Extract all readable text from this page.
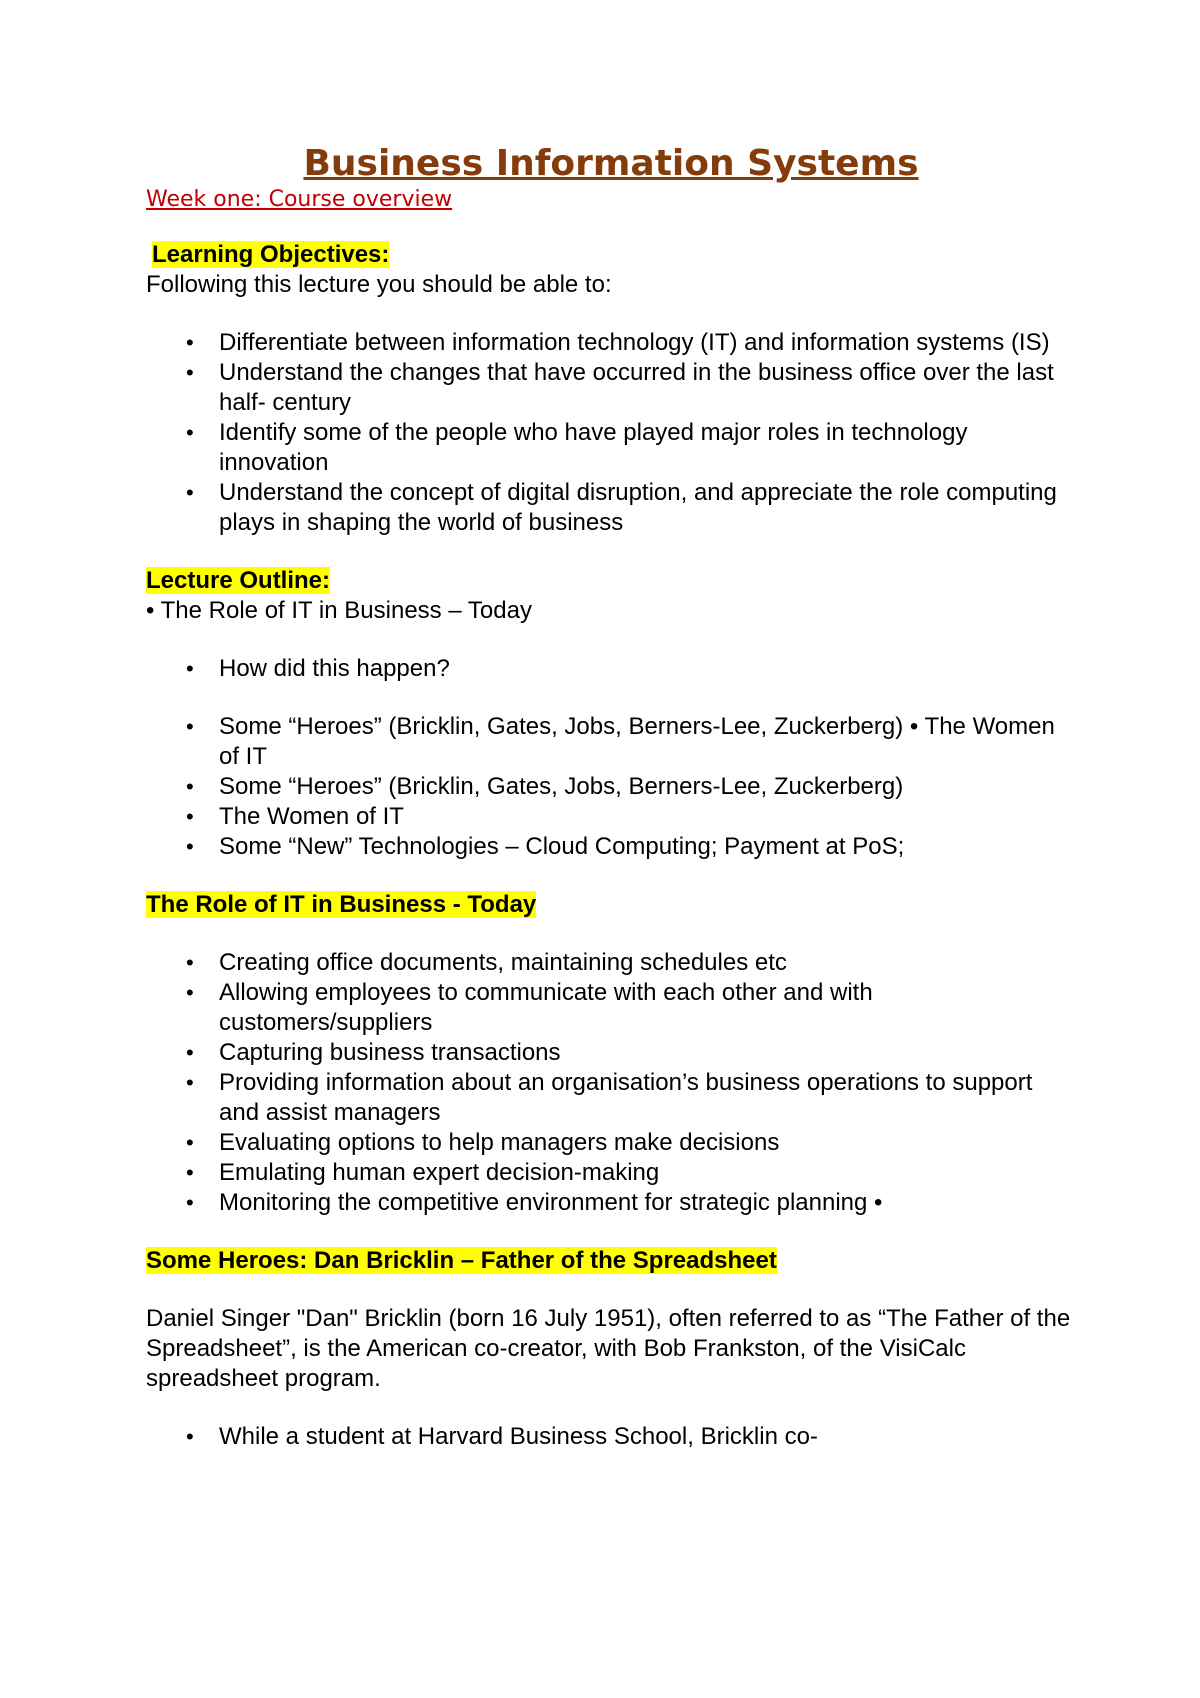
Business Information Systems

Week one: Course overview

Learning Objectives:

Following this lecture you should be able to:

• Differentiate between information technology (IT) and information systems (IS)
• Understand the changes that have occurred in the business office over the last half- century
• Identify some of the people who have played major roles in technology innovation
• Understand the concept of digital disruption, and appreciate the role computing plays in shaping the world of business

Lecture Outline:

• The Role of IT in Business – Today

• How did this happen?
• Some “Heroes” (Bricklin, Gates, Jobs, Berners-Lee, Zuckerberg) • The Women of IT
• Some “Heroes” (Bricklin, Gates, Jobs, Berners-Lee, Zuckerberg)
• The Women of IT
• Some “New” Technologies – Cloud Computing; Payment at PoS;

The Role of IT in Business - Today

• Creating office documents, maintaining schedules etc
• Allowing employees to communicate with each other and with customers/suppliers
• Capturing business transactions
• Providing information about an organisation’s business operations to support and assist managers
• Evaluating options to help managers make decisions
• Emulating human expert decision-making
• Monitoring the competitive environment for strategic planning •

Some Heroes: Dan Bricklin – Father of the Spreadsheet

Daniel Singer "Dan" Bricklin (born 16 July 1951), often referred to as “The Father of the Spreadsheet”, is the American co-creator, with Bob Frankston, of the VisiCalc spreadsheet program.

• While a student at Harvard Business School, Bricklin co-
